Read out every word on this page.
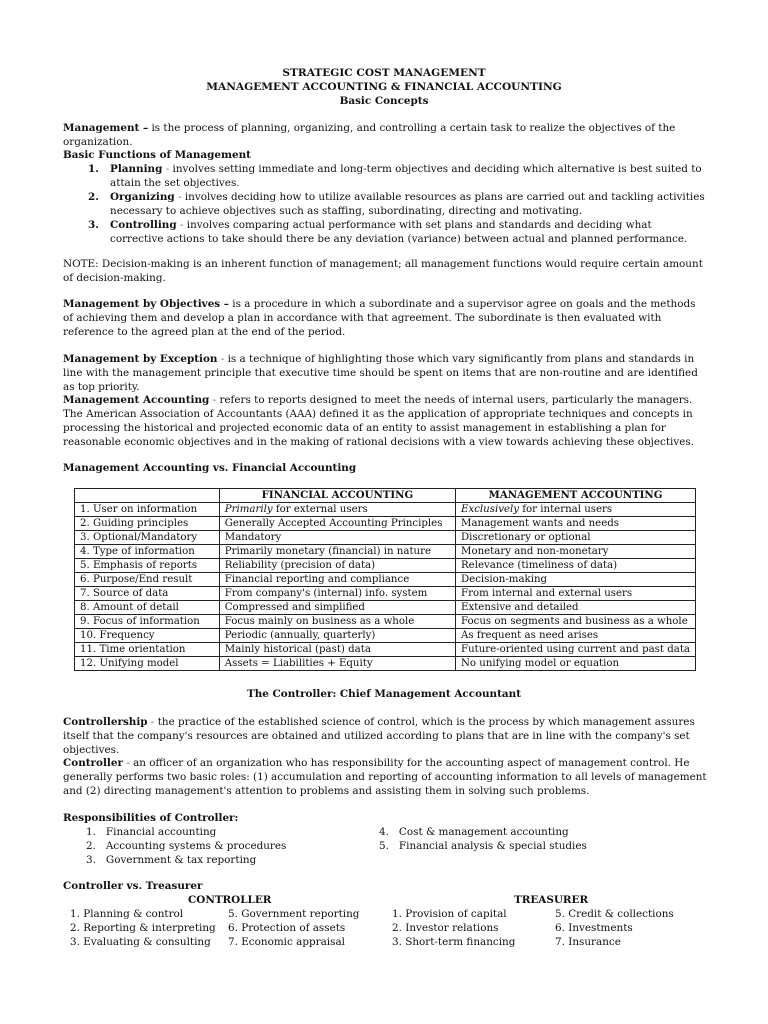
STRATEGIC COST MANAGEMENT
MANAGEMENT ACCOUNTING & FINANCIAL ACCOUNTING
Basic Concepts
Management – is the process of planning, organizing, and controlling a certain task to realize the objectives of the organization.
Basic Functions of Management
1. Planning - involves setting immediate and long-term objectives and deciding which alternative is best suited to attain the set objectives.
2. Organizing - involves deciding how to utilize available resources as plans are carried out and tackling activities necessary to achieve objectives such as staffing, subordinating, directing and motivating.
3. Controlling - involves comparing actual performance with set plans and standards and deciding what corrective actions to take should there be any deviation (variance) between actual and planned performance.
NOTE: Decision-making is an inherent function of management; all management functions would require certain amount of decision-making.
Management by Objectives – is a procedure in which a subordinate and a supervisor agree on goals and the methods of achieving them and develop a plan in accordance with that agreement. The subordinate is then evaluated with reference to the agreed plan at the end of the period.
Management by Exception - is a technique of highlighting those which vary significantly from plans and standards in line with the management principle that executive time should be spent on items that are non-routine and are identified as top priority.
Management Accounting - refers to reports designed to meet the needs of internal users, particularly the managers. The American Association of Accountants (AAA) defined it as the application of appropriate techniques and concepts in processing the historical and projected economic data of an entity to assist management in establishing a plan for reasonable economic objectives and in the making of rational decisions with a view towards achieving these objectives.
Management Accounting vs. Financial Accounting
	FINANCIAL ACCOUNTING	MANAGEMENT ACCOUNTING
1. User on information	Primarily for external users	Exclusively for internal users
2. Guiding principles	Generally Accepted Accounting Principles	Management wants and needs
3. Optional/Mandatory	Mandatory	Discretionary or optional
4. Type of information	Primarily monetary (financial) in nature	Monetary and non-monetary
5. Emphasis of reports	Reliability (precision of data)	Relevance (timeliness of data)
6. Purpose/End result	Financial reporting and compliance	Decision-making
7. Source of data	From company's (internal) info. system	From internal and external users
8. Amount of detail	Compressed and simplified	Extensive and detailed
9. Focus of information	Focus mainly on business as a whole	Focus on segments and business as a whole
10. Frequency	Periodic (annually, quarterly)	As frequent as need arises
11. Time orientation	Mainly historical (past) data	Future-oriented using current and past data
12. Unifying model	Assets = Liabilities + Equity	No unifying model or equation
The Controller: Chief Management Accountant
Controllership - the practice of the established science of control, which is the process by which management assures itself that the company's resources are obtained and utilized according to plans that are in line with the company's set objectives.
Controller - an officer of an organization who has responsibility for the accounting aspect of management control. He generally performs two basic roles: (1) accumulation and reporting of accounting information to all levels of management and (2) directing management's attention to problems and assisting them in solving such problems.
Responsibilities of Controller:
1. Financial accounting
2. Accounting systems & procedures
3. Government & tax reporting
4. Cost & management accounting
5. Financial analysis & special studies
Controller vs. Treasurer
CONTROLLER	TREASURER
1. Planning & control
2. Reporting & interpreting
3. Evaluating & consulting
5. Government reporting
6. Protection of assets
7. Economic appraisal
1. Provision of capital
2. Investor relations
3. Short-term financing
5. Credit & collections
6. Investments
7. Insurance
